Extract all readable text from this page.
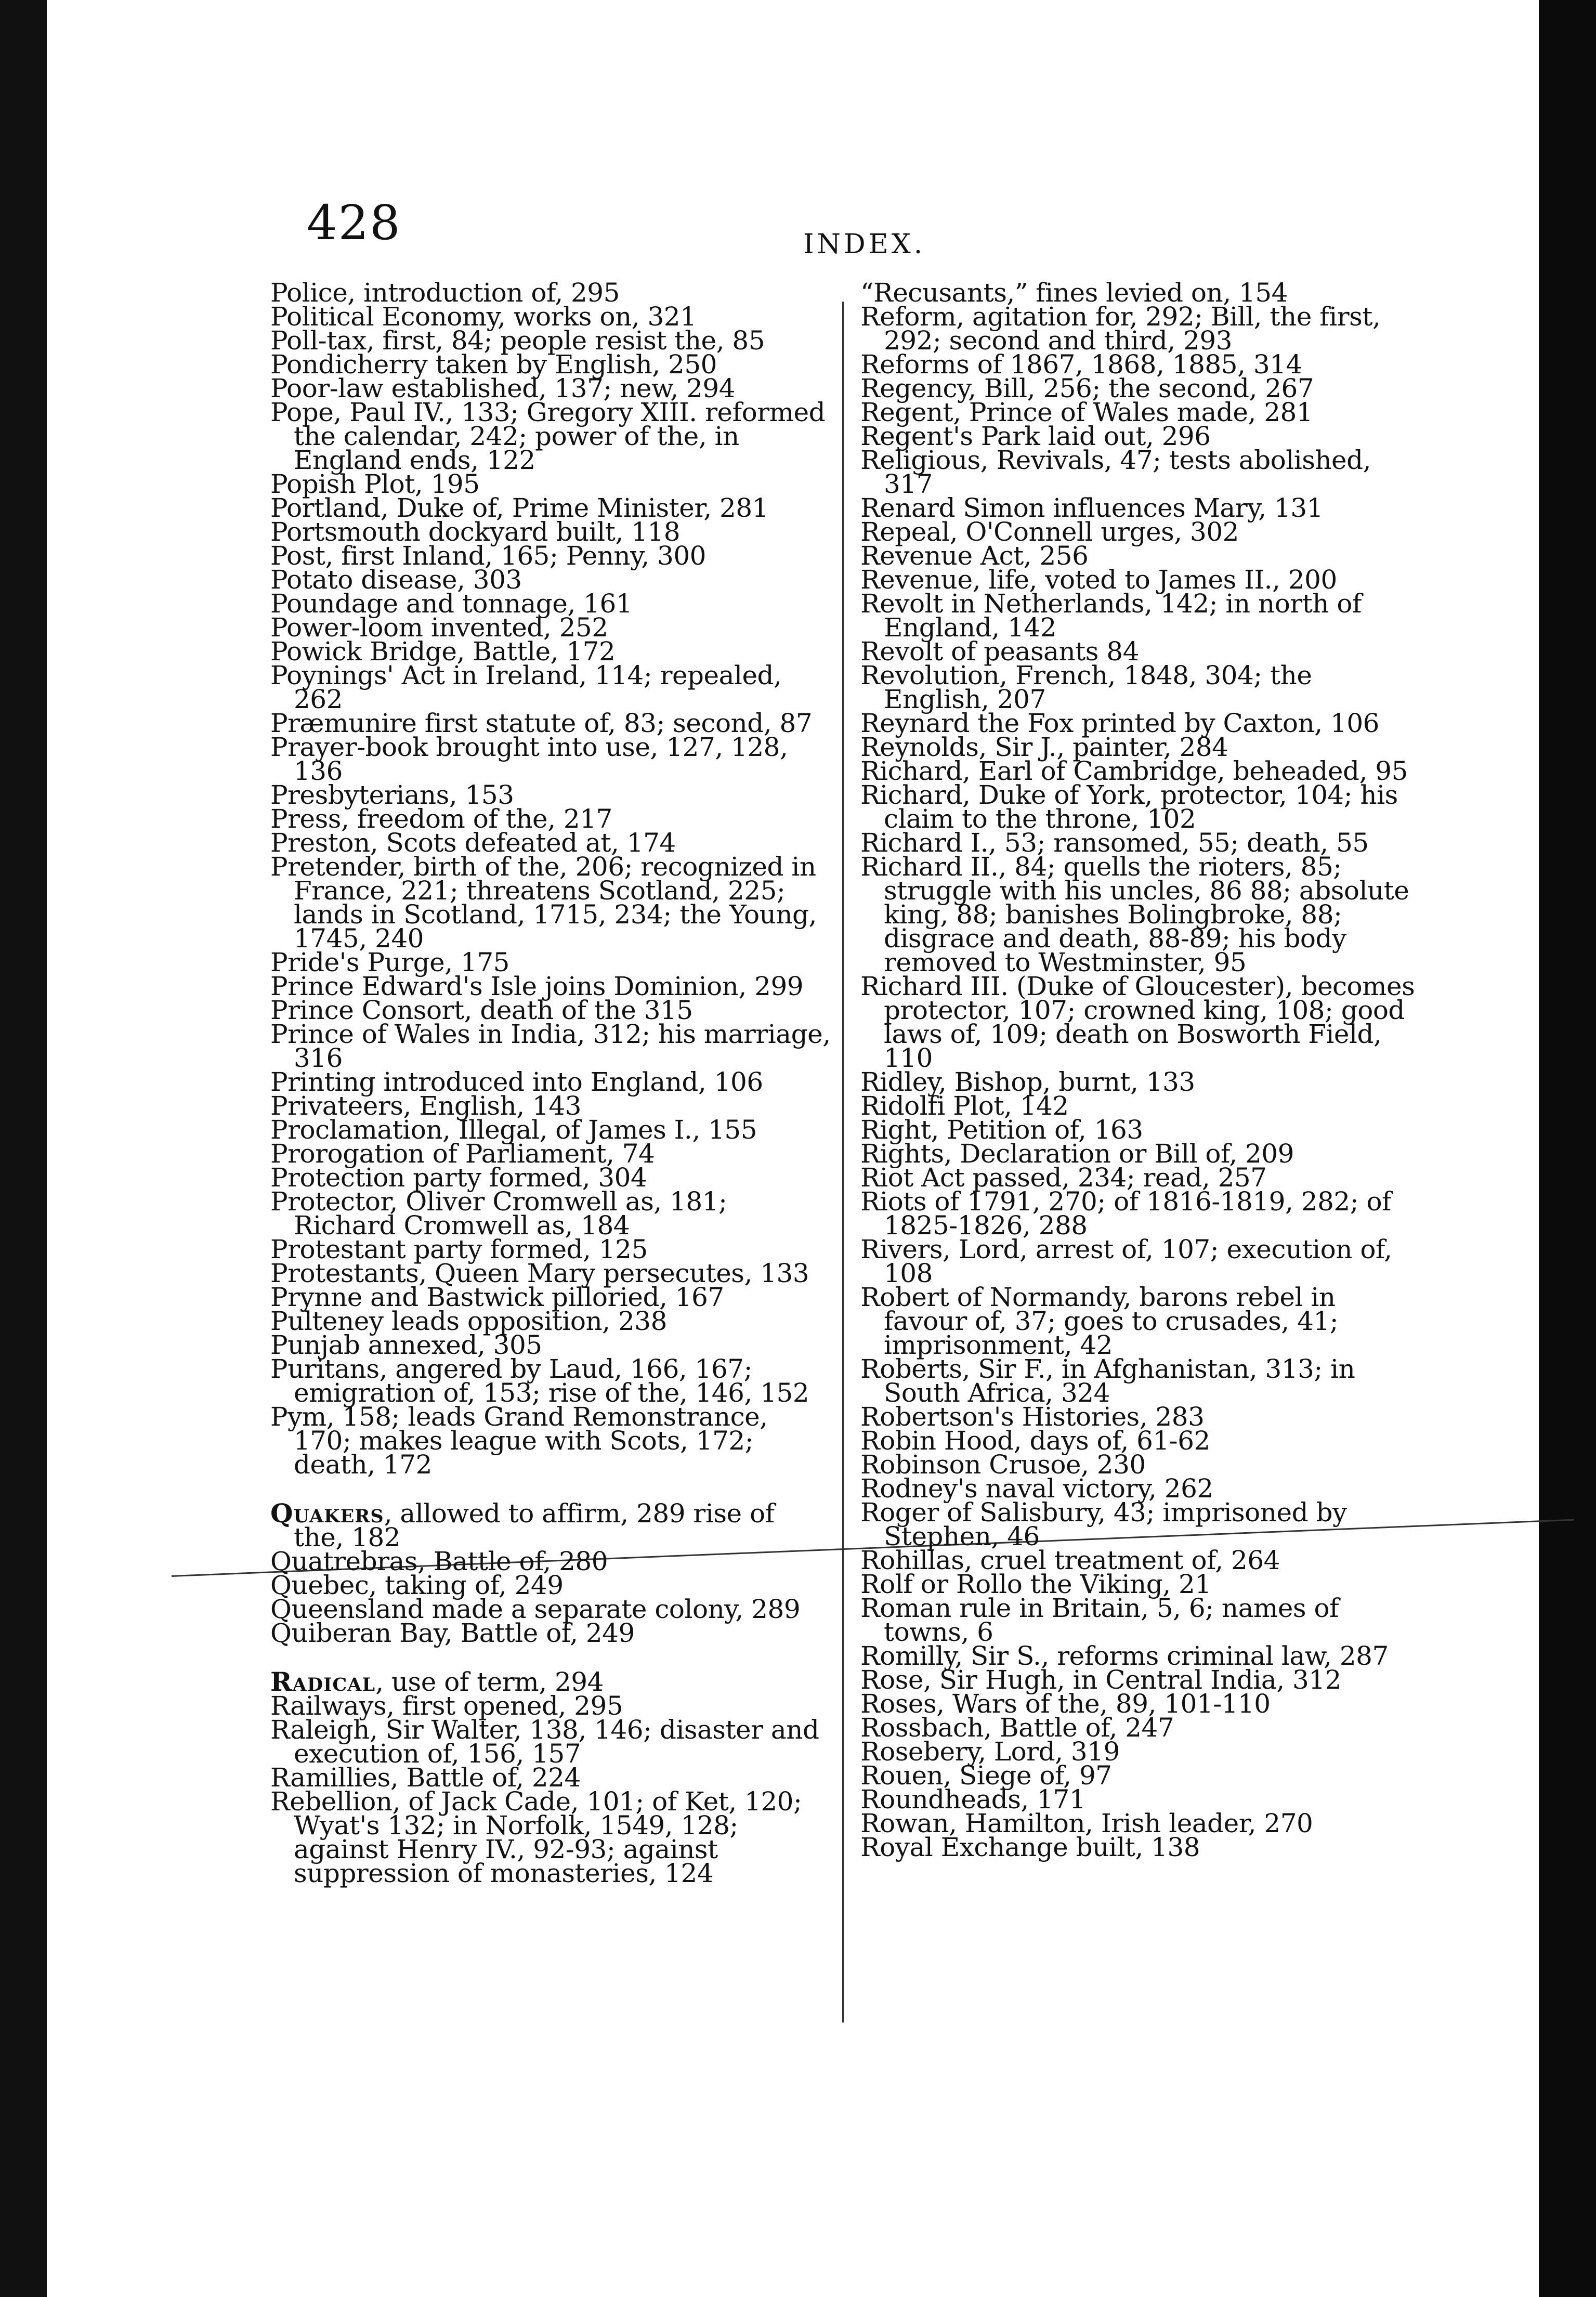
428	INDEX.

Police, introduction of, 295

Political Economy, works on, 321

Poll-tax, first, 84; people resist the, 85

Pondicherry taken by English, 250

Poor-law established, 137; new, 294

Pope, Paul IV., 133; Gregory XIII. reformed the calendar, 242; power of the, in England ends, 122

Popish Plot, 195

Portland, Duke of, Prime Minister, 281

Portsmouth dockyard built, 118

Post, first Inland, 165; Penny, 300

Potato disease, 303

Poundage and tonnage, 161

Power-loom invented, 252

Powick Bridge, Battle, 172

Poynings' Act in Ireland, 114; repealed, 262

Præmunire first statute of, 83; second, 87

Prayer-book brought into use, 127, 128, 136

Presbyterians, 153

Press, freedom of the, 217

Preston, Scots defeated at, 174

Pretender, birth of the, 206; recognized in France, 221; threatens Scotland, 225; lands in Scotland, 1715, 234; the Young, 1745, 240

Pride's Purge, 175

Prince Edward's Isle joins Dominion, 299

Prince Consort, death of the 315

Prince of Wales in India, 312; his marriage, 316

Printing introduced into England, 106

Privateers, English, 143

Proclamation, Illegal, of James I., 155

Prorogation of Parliament, 74

Protection party formed, 304

Protector, Oliver Cromwell as, 181; Richard Cromwell as, 184

Protestant party formed, 125

Protestants, Queen Mary persecutes, 133

Prynne and Bastwick pilloried, 167

Pulteney leads opposition, 238

Punjab annexed, 305

Puritans, angered by Laud, 166, 167; emigration of, 153; rise of the, 146, 152

Pym, 158; leads Grand Remonstrance, 170; makes league with Scots, 172; death, 172

Quakers, allowed to affirm, 289 rise of the, 182

Quatrebras, Battle of, 280

Quebec, taking of, 249

Queensland made a separate colony, 289

Quiberan Bay, Battle of, 249

Radical, use of term, 294

Railways, first opened, 295

Raleigh, Sir Walter, 138, 146; disaster and execution of, 156, 157

Ramillies, Battle of, 224

Rebellion, of Jack Cade, 101; of Ket, 120; Wyat's 132; in Norfolk, 1549, 128; against Henry IV., 92-93; against suppression of monasteries, 124

“Recusants,” fines levied on, 154

Reform, agitation for, 292; Bill, the first, 292; second and third, 293

Reforms of 1867, 1868, 1885, 314

Regency, Bill, 256; the second, 267

Regent, Prince of Wales made, 281

Regent's Park laid out, 296

Religious, Revivals, 47; tests abolished, 317

Renard Simon influences Mary, 131

Repeal, O'Connell urges, 302

Revenue Act, 256

Revenue, life, voted to James II., 200

Revolt in Netherlands, 142; in north of England, 142

Revolt of peasants 84

Revolution, French, 1848, 304; the English, 207

Reynard the Fox printed by Caxton, 106

Reynolds, Sir J., painter, 284

Richard, Earl of Cambridge, beheaded, 95

Richard, Duke of York, protector, 104; his claim to the throne, 102

Richard I., 53; ransomed, 55; death, 55

Richard II., 84; quells the rioters, 85; struggle with his uncles, 86 88; absolute king, 88; banishes Bolingbroke, 88; disgrace and death, 88-89; his body removed to Westminster, 95

Richard III. (Duke of Gloucester), becomes protector, 107; crowned king, 108; good laws of, 109; death on Bosworth Field, 110

Ridley, Bishop, burnt, 133

Ridolfi Plot, 142

Right, Petition of, 163

Rights, Declaration or Bill of, 209

Riot Act passed, 234; read, 257

Riots of 1791, 270; of 1816-1819, 282; of 1825-1826, 288

Rivers, Lord, arrest of, 107; execution of, 108

Robert of Normandy, barons rebel in favour of, 37; goes to crusades, 41; imprisonment, 42

Roberts, Sir F., in Afghanistan, 313; in South Africa, 324

Robertson's Histories, 283

Robin Hood, days of, 61-62

Robinson Crusoe, 230

Rodney's naval victory, 262

Roger of Salisbury, 43; imprisoned by Stephen, 46

Rohillas, cruel treatment of, 264

Rolf or Rollo the Viking, 21

Roman rule in Britain, 5, 6; names of towns, 6

Romilly, Sir S., reforms criminal law, 287

Rose, Sir Hugh, in Central India, 312

Roses, Wars of the, 89, 101-110

Rossbach, Battle of, 247

Rosebery, Lord, 319

Rouen, Siege of, 97

Roundheads, 171

Rowan, Hamilton, Irish leader, 270

Royal Exchange built, 138
